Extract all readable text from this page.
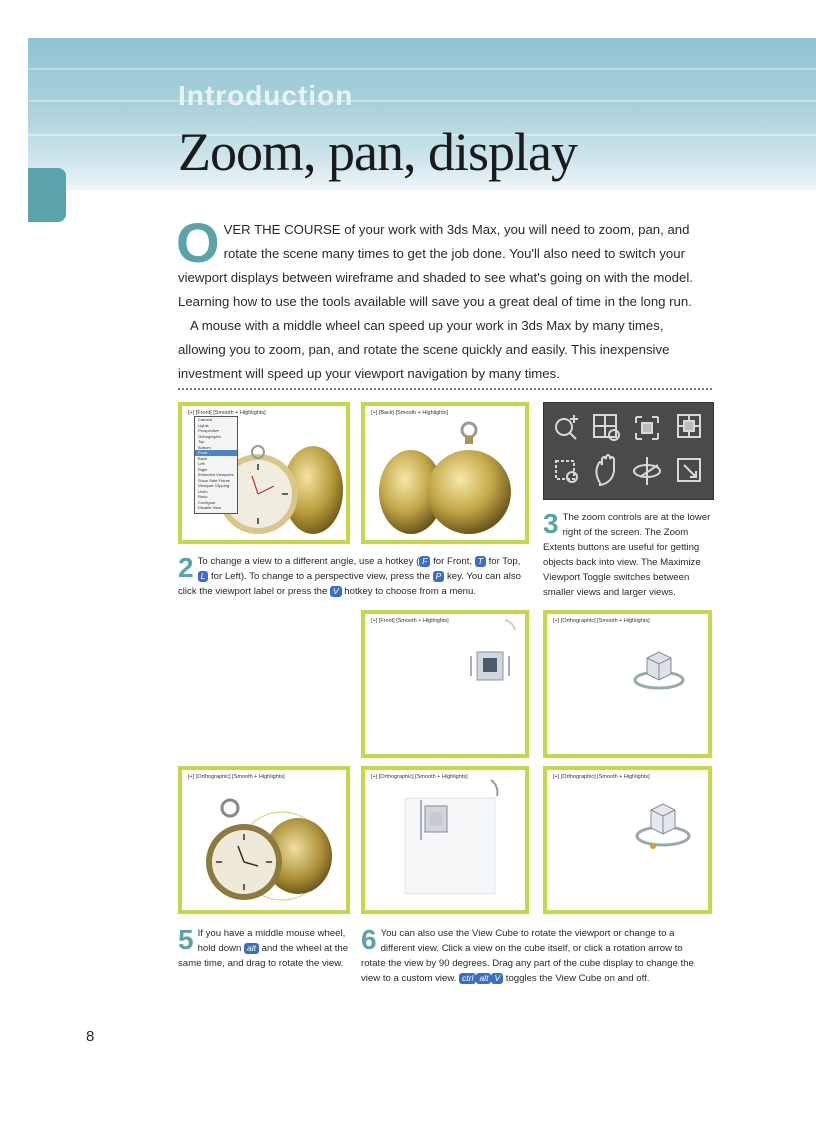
Introduction
Zoom, pan, display

OVER THE COURSE of your work with 3ds Max, you will need to zoom, pan, and rotate the scene many times to get the job done. You'll also need to switch your viewport displays between wireframe and shaded to see what's going on with the model. Learning how to use the tools available will save you a great deal of time in the long run.

A mouse with a middle wheel can speed up your work in 3ds Max by many times, allowing you to zoom, pan, and rotate the scene quickly and easily. This inexpensive investment will speed up your viewport navigation by many times.

[+] [Front] [Smooth + Highlights]
Camera
Lights
Perspective
Orthographic
Top
Bottom
Front
Back
Left
Right
Extended Viewports
Show Safe Frame
Viewport Clipping
Undo
Redo
Configure
Disable View
[+] [Back] [Smooth + Highlights]
3 The zoom controls are at the lower right of the screen. The Zoom Extents buttons are useful for getting objects back into view. The Maximize Viewport Toggle switches between smaller views and larger views.
2 To change a view to a different angle, use a hotkey ( F for Front, T for Top, L for Left). To change to a perspective view, press the P key. You can also click the viewport label or press the V hotkey to choose from a menu.
[+] [Front] [Smooth + Highlights]	[+] [Orthographic] [Smooth + Highlights]
[+] [Orthographic] [Smooth + Highlights]	[+] [Orthographic] [Smooth + Highlights]	[+] [Orthographic] [Smooth + Highlights]
5 If you have a middle mouse wheel, hold down alt and the wheel at the same time, and drag to rotate the view.
6 You can also use the View Cube to rotate the viewport or change to a different view. Click a view on the cube itself, or click a rotation arrow to rotate the view by 90 degrees. Drag any part of the cube display to change the view to a custom view. ctrl alt V toggles the View Cube on and off.
8
